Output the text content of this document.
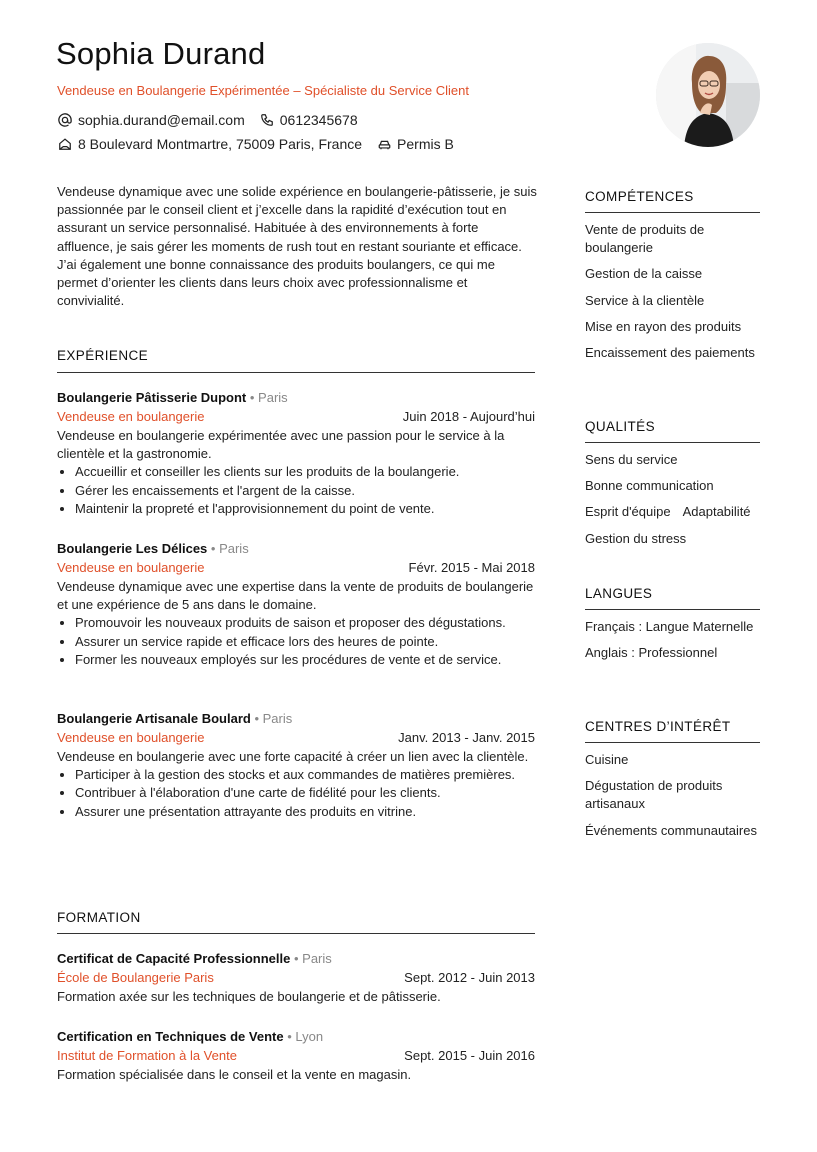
Sophia Durand
Vendeuse en Boulangerie Expérimentée – Spécialiste du Service Client
sophia.durand@email.com	0612345678
8 Boulevard Montmartre, 75009 Paris, France	Permis B
Vendeuse dynamique avec une solide expérience en boulangerie-pâtisserie, je suis passionnée par le conseil client et j’excelle dans la rapidité d’exécution tout en assurant un service personnalisé. Habituée à des environnements à forte affluence, je sais gérer les moments de rush tout en restant souriante et efficace. J’ai également une bonne connaissance des produits boulangers, ce qui me permet d’orienter les clients dans leurs choix avec professionnalisme et convivialité.
EXPÉRIENCE
Boulangerie Pâtisserie Dupont • Paris
Vendeuse en boulangerie	Juin 2018 - Aujourd’hui
Vendeuse en boulangerie expérimentée avec une passion pour le service à la clientèle et la gastronomie.
• Accueillir et conseiller les clients sur les produits de la boulangerie.
• Gérer les encaissements et l'argent de la caisse.
• Maintenir la propreté et l'approvisionnement du point de vente.
Boulangerie Les Délices • Paris
Vendeuse en boulangerie	Févr. 2015 - Mai 2018
Vendeuse dynamique avec une expertise dans la vente de produits de boulangerie et une expérience de 5 ans dans le domaine.
• Promouvoir les nouveaux produits de saison et proposer des dégustations.
• Assurer un service rapide et efficace lors des heures de pointe.
• Former les nouveaux employés sur les procédures de vente et de service.
Boulangerie Artisanale Boulard • Paris
Vendeuse en boulangerie	Janv. 2013 - Janv. 2015
Vendeuse en boulangerie avec une forte capacité à créer un lien avec la clientèle.
• Participer à la gestion des stocks et aux commandes de matières premières.
• Contribuer à l'élaboration d'une carte de fidélité pour les clients.
• Assurer une présentation attrayante des produits en vitrine.
FORMATION
Certificat de Capacité Professionnelle • Paris
École de Boulangerie Paris	Sept. 2012 - Juin 2013
Formation axée sur les techniques de boulangerie et de pâtisserie.
Certification en Techniques de Vente • Lyon
Institut de Formation à la Vente	Sept. 2015 - Juin 2016
Formation spécialisée dans le conseil et la vente en magasin.
COMPÉTENCES
Vente de produits de boulangerie
Gestion de la caisse
Service à la clientèle
Mise en rayon des produits
Encaissement des paiements
QUALITÉS
Sens du service
Bonne communication
Esprit d'équipe Adaptabilité
Gestion du stress
LANGUES
Français : Langue Maternelle
Anglais : Professionnel
CENTRES D’INTÉRÊT
Cuisine
Dégustation de produits artisanaux
Événements communautaires
